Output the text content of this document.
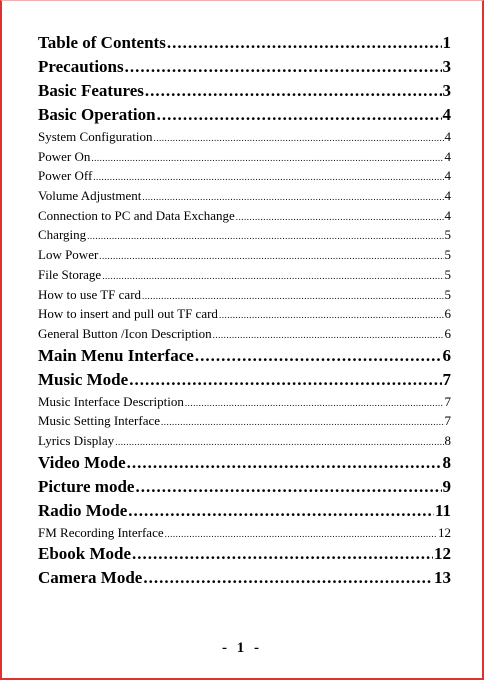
Table of Contents .....	1
Precautions .....	3
Basic Features .....	3
Basic Operation .....	4
System Configuration .....	4
Power On .....	4
Power Off .....	4
Volume Adjustment .....	4
Connection to PC and Data Exchange .....	4
Charging .....	5
Low Power .....	5
File Storage .....	5
How to use TF card .....	5
How to insert and pull out TF card .....	6
General Button /Icon Description .....	6
Main Menu Interface .....	6
Music Mode .....	7
Music Interface Description .....	7
Music Setting Interface .....	7
Lyrics Display .....	8
Video Mode .....	8
Picture mode .....	9
Radio Mode .....	11
FM Recording Interface .....	12
Ebook Mode .....	12
Camera Mode .....	13
- 1 -
